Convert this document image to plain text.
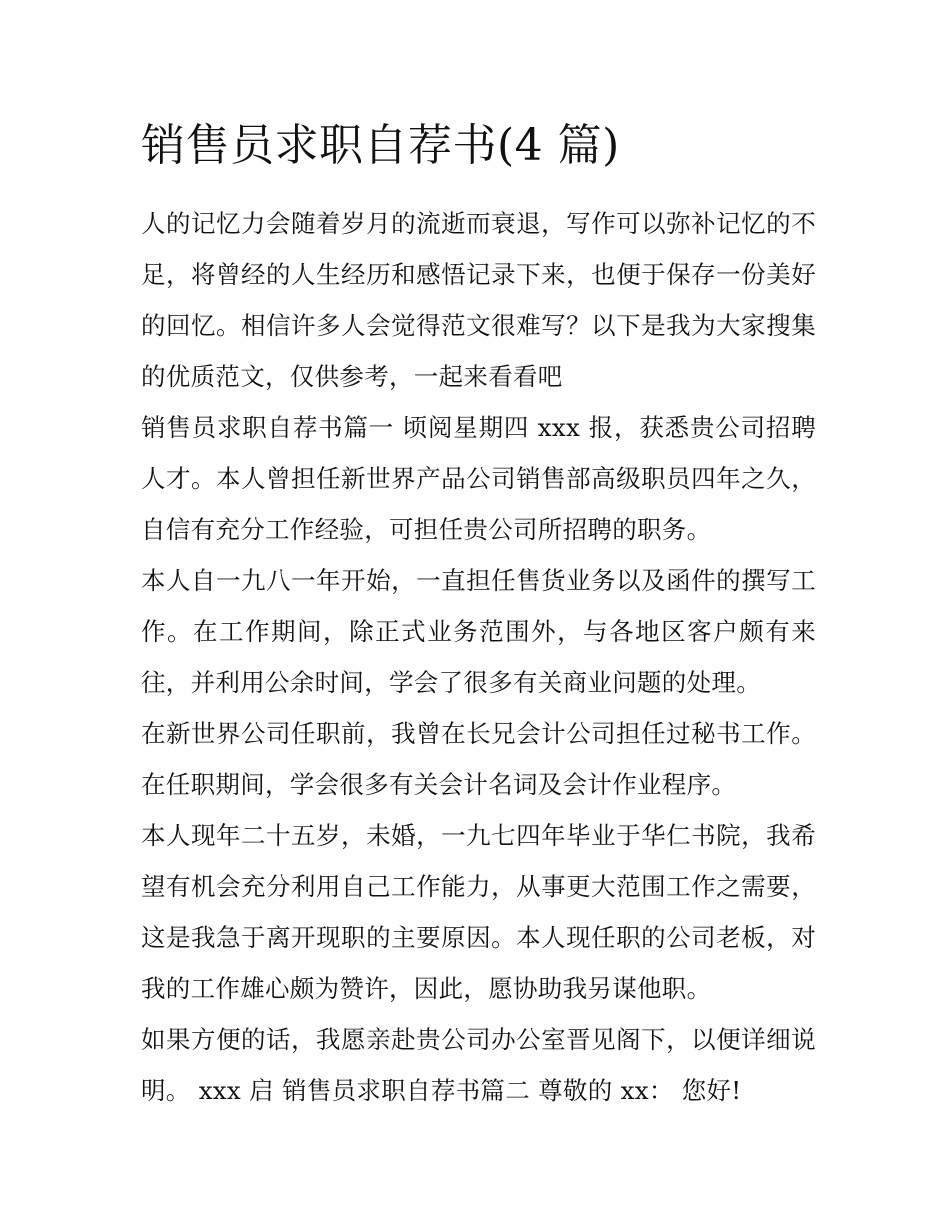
销售员求职自荐书(4 篇)

人的记忆力会随着岁月的流逝而衰退，写作可以弥补记忆的不足，将曾经的人生经历和感悟记录下来，也便于保存一份美好的回忆。相信许多人会觉得范文很难写？以下是我为大家搜集的优质范文，仅供参考，一起来看看吧

销售员求职自荐书篇一 顷阅星期四 xxx 报，获悉贵公司招聘人才。本人曾担任新世界产品公司销售部高级职员四年之久，自信有充分工作经验，可担任贵公司所招聘的职务。

本人自一九八一年开始，一直担任售货业务以及函件的撰写工作。在工作期间，除正式业务范围外，与各地区客户颇有来往，并利用公余时间，学会了很多有关商业问题的处理。

在新世界公司任职前，我曾在长兄会计公司担任过秘书工作。在任职期间，学会很多有关会计名词及会计作业程序。

本人现年二十五岁，未婚，一九七四年毕业于华仁书院，我希望有机会充分利用自己工作能力，从事更大范围工作之需要，这是我急于离开现职的主要原因。本人现任职的公司老板，对我的工作雄心颇为赞许，因此，愿协助我另谋他职。

如果方便的话，我愿亲赴贵公司办公室晋见阁下，以便详细说明。 xxx 启 销售员求职自荐书篇二 尊敬的 xx： 您好!
